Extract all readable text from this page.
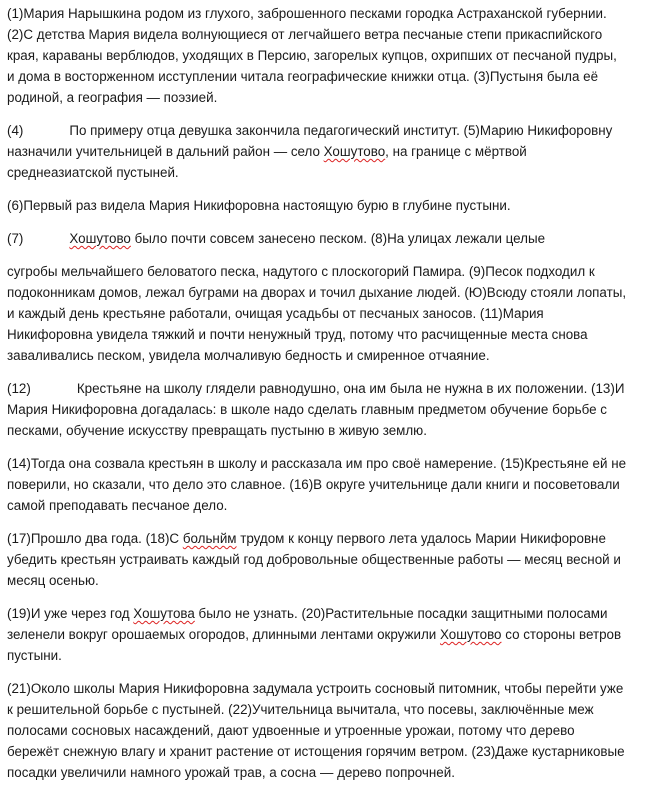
(1)Мария Нарышкина родом из глухого, заброшенного песками городка Астраханской губернии.
(2)С детства Мария видела волнующиеся от легчайшего ветра песчаные степи прикаспийского
края, караваны верблюдов, уходящих в Персию, загорелых купцов, охрипших от песчаной пудры,
и дома в восторженном исступлении читала географические книжки отца. (3)Пустыня была её
родиной, а география — поэзией.
(4)	По примеру отца девушка закончила педагогический институт. (5)Марию Никифоровну
назначили учительницей в дальний район — село Хошутово, на границе с мёртвой
среднеазиатской пустыней.
(6)Первый раз видела Мария Никифоровна настоящую бурю в глубине пустыни.
(7)	Хошутово было почти совсем занесено песком. (8)На улицах лежали целые
сугробы мельчайшего беловатого песка, надутого с плоскогорий Памира. (9)Песок подходил к
подоконникам домов, лежал буграми на дворах и точил дыхание людей. (Ю)Всюду стояли лопаты,
и каждый день крестьяне работали, очищая усадьбы от песчаных заносов. (11)Мария
Никифоровна увидела тяжкий и почти ненужный труд, потому что расчищенные места снова
заваливались песком, увидела молчаливую бедность и смиренное отчаяние.
(12)	Крестьяне на школу глядели равнодушно, она им была не нужна в их положении. (13)И
Мария Никифоровна догадалась: в школе надо сделать главным предметом обучение борьбе с
песками, обучение искусству превращать пустыню в живую землю.
(14)Тогда она созвала крестьян в школу и рассказала им про своё намерение. (15)Крестьяне ей не
поверили, но сказали, что дело это славное. (16)В округе учительнице дали книги и посоветовали
самой преподавать песчаное дело.
(17)Прошло два года. (18)С больнйм трудом к концу первого лета удалось Марии Никифоровне
убедить крестьян устраивать каждый год добровольные общественные работы — месяц весной и
месяц осенью.
(19)И уже через год Хошутова было не узнать. (20)Растительные посадки защитными полосами
зеленели вокруг орошаемых огородов, длинными лентами окружили Хошутово со стороны ветров
пустыни.
(21)Около школы Мария Никифоровна задумала устроить сосновый питомник, чтобы перейти уже
к решительной борьбе с пустыней. (22)Учительница вычитала, что посевы, заключённые меж
полосами сосновых насаждений, дают удвоенные и утроенные урожаи, потому что дерево
бережёт снежную влагу и хранит растение от истощения горячим ветром. (23)Даже кустарниковые
посадки увеличили намного урожай трав, а сосна — дерево попрочней.
